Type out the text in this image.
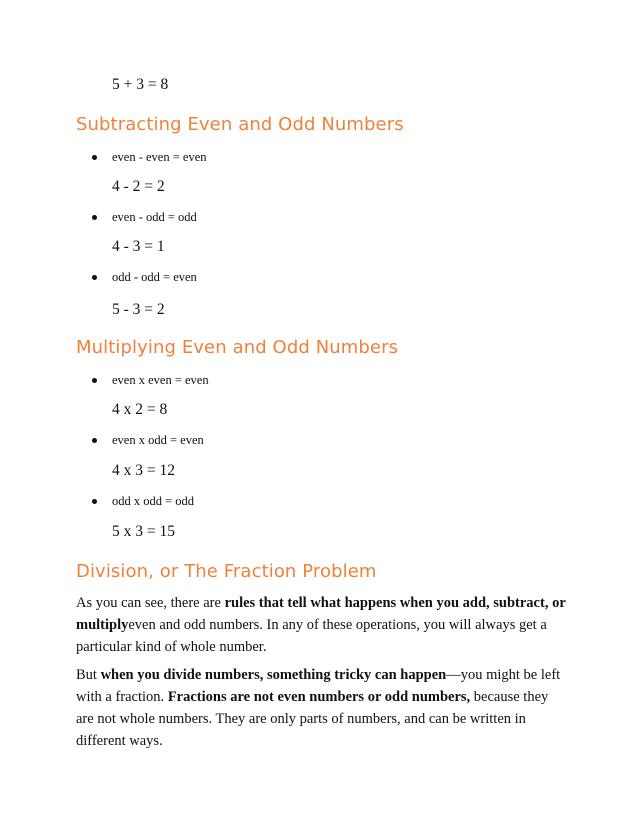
5 + 3 = 8
Subtracting Even and Odd Numbers
even - even = even
4 - 2 = 2
even - odd = odd
4 - 3 = 1
odd - odd = even
5 - 3 = 2
Multiplying Even and Odd Numbers
even x even = even
4 x 2 = 8
even x odd = even
4 x 3 = 12
odd x odd = odd
5 x 3 = 15
Division, or The Fraction Problem
As you can see, there are rules that tell what happens when you add, subtract, or multiplyeven and odd numbers. In any of these operations, you will always get a particular kind of whole number.
But when you divide numbers, something tricky can happen—you might be left with a fraction. Fractions are not even numbers or odd numbers, because they are not whole numbers. They are only parts of numbers, and can be written in different ways.
